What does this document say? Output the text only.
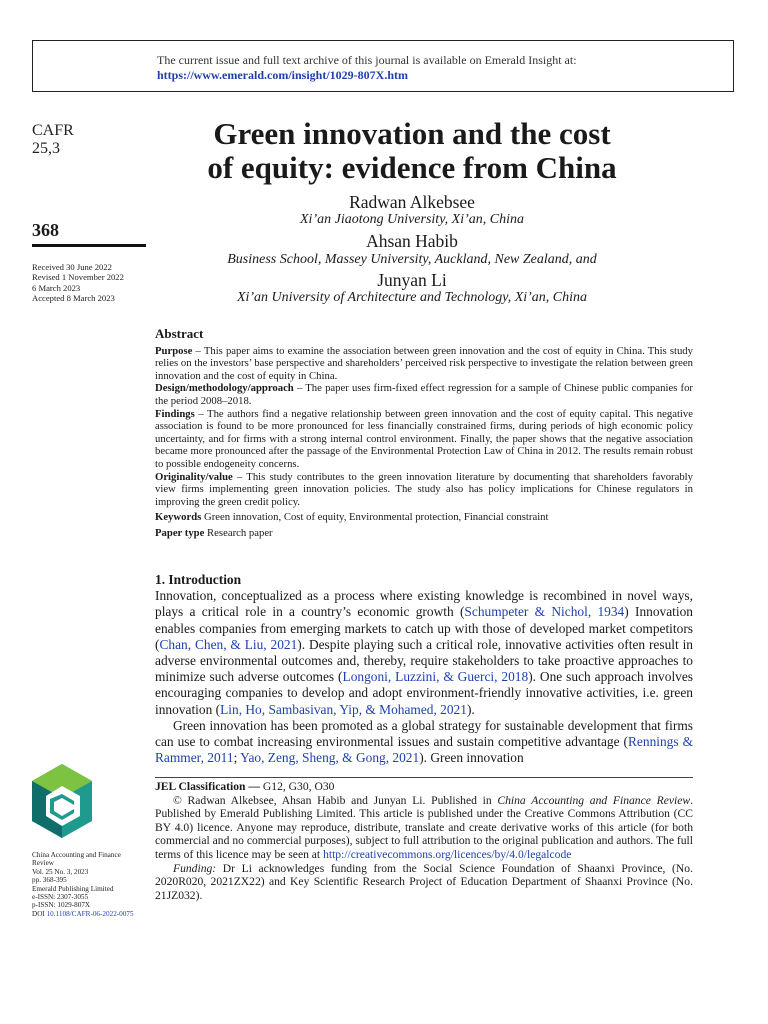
The current issue and full text archive of this journal is available on Emerald Insight at:
https://www.emerald.com/insight/1029-807X.htm
CAFR
25,3
368
Received 30 June 2022
Revised 1 November 2022
6 March 2023
Accepted 8 March 2023
China Accounting and Finance
Review
Vol. 25 No. 3, 2023
pp. 368-395
Emerald Publishing Limited
e-ISSN: 2307-3055
p-ISSN: 1029-807X
DOI 10.1108/CAFR-06-2022-0075
Green innovation and the cost
of equity: evidence from China
Radwan Alkebsee
Xi’an Jiaotong University, Xi’an, China
Ahsan Habib
Business School, Massey University, Auckland, New Zealand, and
Junyan Li
Xi’an University of Architecture and Technology, Xi’an, China

Abstract

Purpose – This paper aims to examine the association between green innovation and the cost of equity in China. This study relies on the investors’ base perspective and shareholders’ perceived risk perspective to investigate the relation between green innovation and the cost of equity in China.

Design/methodology/approach – The paper uses firm-fixed effect regression for a sample of Chinese public companies for the period 2008–2018.

Findings – The authors find a negative relationship between green innovation and the cost of equity capital. This negative association is found to be more pronounced for less financially constrained firms, during periods of high economic policy uncertainty, and for firms with a strong internal control environment. Finally, the paper shows that the negative association became more pronounced after the passage of the Environmental Protection Law of China in 2012. The results remain robust to possible endogeneity concerns.

Originality/value – This study contributes to the green innovation literature by documenting that shareholders favorably view firms implementing green innovation policies. The study also has policy implications for Chinese regulators in improving the green credit policy.

Keywords Green innovation, Cost of equity, Environmental protection, Financial constraint

Paper type Research paper

1. Introduction

Innovation, conceptualized as a process where existing knowledge is recombined in novel ways, plays a critical role in a country’s economic growth (Schumpeter & Nichol, 1934) Innovation enables companies from emerging markets to catch up with those of developed market competitors (Chan, Chen, & Liu, 2021). Despite playing such a critical role, innovative activities often result in adverse environmental outcomes and, thereby, require stakeholders to take proactive approaches to minimize such adverse outcomes (Longoni, Luzzini, & Guerci, 2018). One such approach involves encouraging companies to develop and adopt environment-friendly innovative activities, i.e. green innovation (Lin, Ho, Sambasivan, Yip, & Mohamed, 2021).

Green innovation has been promoted as a global strategy for sustainable development that firms can use to combat increasing environmental issues and sustain competitive advantage (Rennings & Rammer, 2011; Yao, Zeng, Sheng, & Gong, 2021). Green innovation

JEL Classification — G12, G30, O30

© Radwan Alkebsee, Ahsan Habib and Junyan Li. Published in China Accounting and Finance Review. Published by Emerald Publishing Limited. This article is published under the Creative Commons Attribution (CC BY 4.0) licence. Anyone may reproduce, distribute, translate and create derivative works of this article (for both commercial and no commercial purposes), subject to full attribution to the original publication and authors. The full terms of this licence may be seen at http://creativecommons.org/licences/by/4.0/legalcode

Funding: Dr Li acknowledges funding from the Social Science Foundation of Shaanxi Province, (No. 2020R020, 2021ZX22) and Key Scientific Research Project of Education Department of Shaanxi Province (No. 21JZ032).
